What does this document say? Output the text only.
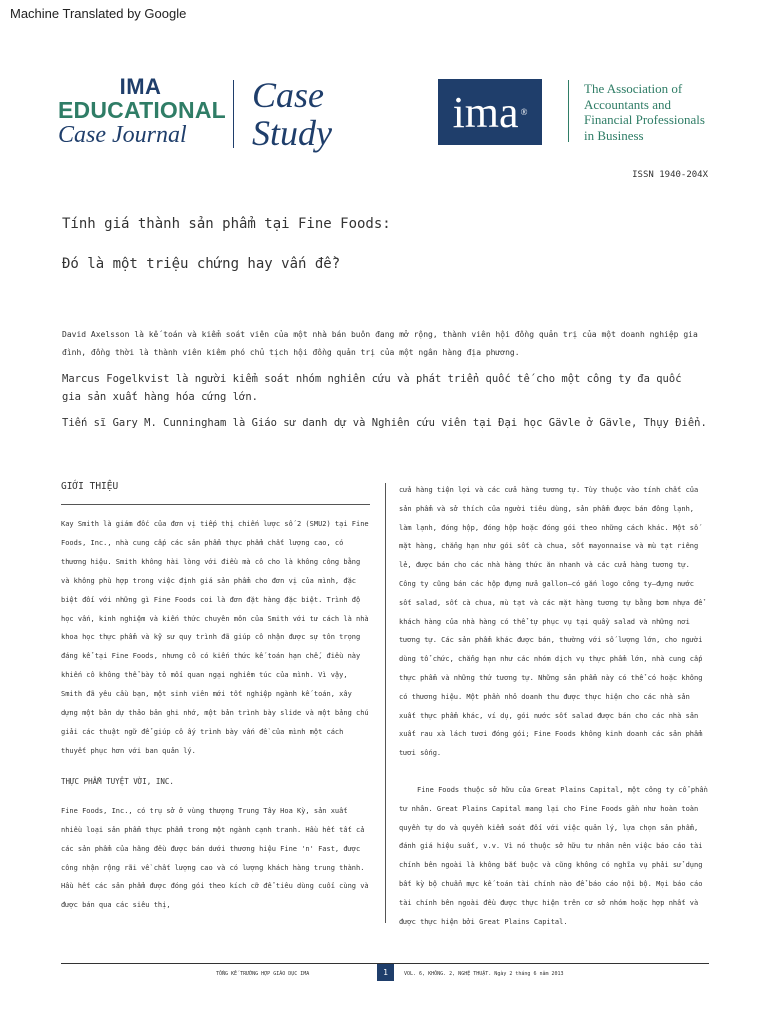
Machine Translated by Google
IMA
EDUCATIONAL
Case Journal
Case
Study	ima ®
The Association of
Accountants and
Financial Professionals
in Business
ISSN 1940-204X
Tính giá thành sản phẩm tại Fine Foods:
Đó là một triệu chứng hay vấn đề?
David Axelsson là kế toán và kiểm soát viên của một nhà bán buôn đang mở rộng, thành viên hội đồng quản trị của một doanh nghiệp gia đình, đồng thời là thành viên kiêm phó chủ tịch hội đồng quản trị của một ngân hàng địa phương.
Marcus Fogelkvist là người kiểm soát nhóm nghiên cứu và phát triển quốc tế cho một công ty đa quốc gia sản xuất hàng hóa cứng lớn.
Tiến sĩ Gary M. Cunningham là Giáo sư danh dự và Nghiên cứu viên tại Đại học Gävle ở Gävle, Thụy Điển.
GIỚI THIỆU

Kay Smith là giám đốc của đơn vị tiếp thị chiến lược số 2 (SMU2) tại Fine Foods, Inc., nhà cung cấp các sản phẩm thực phẩm chất lượng cao, có thương hiệu. Smith không hài lòng với điều mà cô cho là không công bằng và không phù hợp trong việc định giá sản phẩm cho đơn vị của mình, đặc biệt đối với những gì Fine Foods coi là đơn đặt hàng đặc biệt. Trình độ học vấn, kinh nghiệm và kiến thức chuyên môn của Smith với tư cách là nhà khoa học thực phẩm và kỹ sư quy trình đã giúp cô nhận được sự tôn trọng đáng kể tại Fine Foods, nhưng cô có kiến thức kế toán hạn chế, điều này khiến cô không thể bày tỏ mối quan ngại nghiêm túc của mình. Vì vậy, Smith đã yêu cầu bạn, một sinh viên mới tốt nghiệp ngành kế toán, xây dựng một bản dự thảo bản ghi nhớ, một bản trình bày slide và một bảng chú giải các thuật ngữ để giúp cô ấy trình bày vấn đề của mình một cách thuyết phục hơn với ban quản lý.

THỰC PHẨM TUYỆT VỜI, INC.

Fine Foods, Inc., có trụ sở ở vùng thượng Trung Tây Hoa Kỳ, sản xuất nhiều loại sản phẩm thực phẩm trong một ngành cạnh tranh. Hầu hết tất cả các sản phẩm của hãng đều được bán dưới thương hiệu Fine 'n' Fast, được công nhận rộng rãi về chất lượng cao và có lượng khách hàng trung thành. Hầu hết các sản phẩm được đóng gói theo kích cỡ để tiêu dùng cuối cùng và được bán qua các siêu thị,

cửa hàng tiện lợi và các cửa hàng tương tự. Tùy thuộc vào tính chất của sản phẩm và sở thích của người tiêu dùng, sản phẩm được bán đông lạnh, làm lạnh, đóng hộp, đóng hộp hoặc đóng gói theo những cách khác. Một số mặt hàng, chẳng hạn như gói sốt cà chua, sốt mayonnaise và mù tạt riêng lẻ, được bán cho các nhà hàng thức ăn nhanh và các cửa hàng tương tự. Công ty cũng bán các hộp đựng nửa gallon—có gắn logo công ty—đựng nước sốt salad, sốt cà chua, mù tạt và các mặt hàng tương tự bằng bơm nhựa để khách hàng của nhà hàng có thể tự phục vụ tại quầy salad và những nơi tương tự. Các sản phẩm khác được bán, thường với số lượng lớn, cho người dùng tổ chức, chẳng hạn như các nhóm dịch vụ thực phẩm lớn, nhà cung cấp thực phẩm và những thứ tương tự. Những sản phẩm này có thể có hoặc không có thương hiệu. Một phần nhỏ doanh thu được thực hiện cho các nhà sản xuất thực phẩm khác, ví dụ, gói nước sốt salad được bán cho các nhà sản xuất rau xà lách tươi đóng gói; Fine Foods không kinh doanh các sản phẩm tươi sống.

Fine Foods thuộc sở hữu của Great Plains Capital, một công ty cổ phần tư nhân. Great Plains Capital mang lại cho Fine Foods gần như hoàn toàn quyền tự do và quyền kiểm soát đối với việc quản lý, lựa chọn sản phẩm, đánh giá hiệu suất, v.v. Vì nó thuộc sở hữu tư nhân nên việc báo cáo tài chính bên ngoài là không bắt buộc và cũng không có nghĩa vụ phải sử dụng bất kỳ bộ chuẩn mực kế toán tài chính nào để báo cáo nội bộ. Mọi báo cáo tài chính bên ngoài đều được thực hiện trên cơ sở nhóm hoặc hợp nhất và được thực hiện bởi Great Plains Capital.

TỔNG KẾ TRƯỜNG HỢP GIÁO DỤC IMA	1	VOL. 6, KHÔNG. 2, NGHỆ THUẬT. Ngày 2 tháng 6 năm 2013
